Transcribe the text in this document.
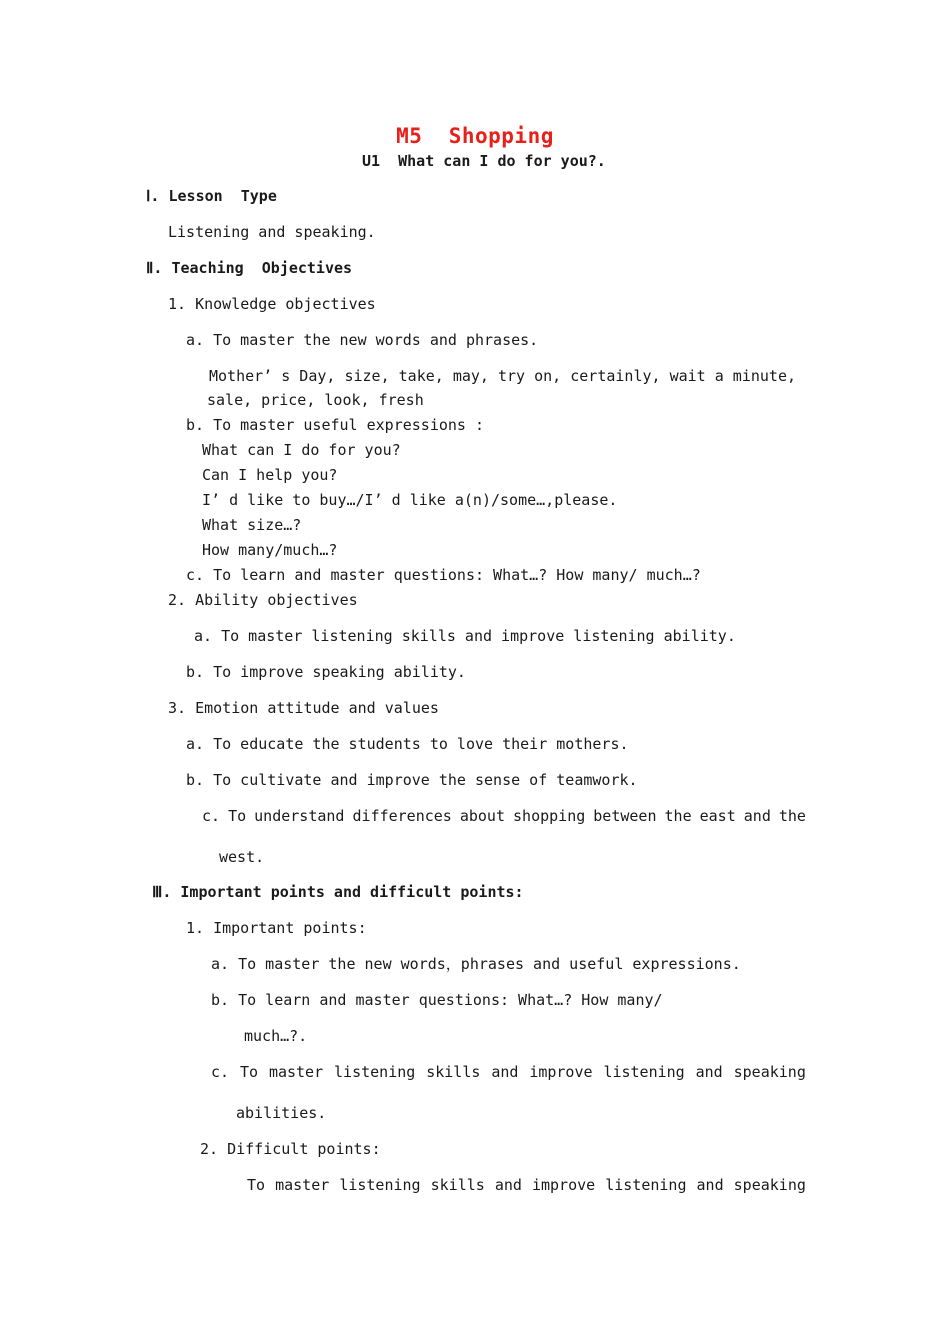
M5  Shopping
U1  What can I do for you?.
Ⅰ. Lesson  Type
Listening and speaking.
Ⅱ. Teaching  Objectives
1. Knowledge objectives
a. To master the new words and phrases.
Mother’ s Day, size, take, may, try on, certainly, wait a minute,
sale, price, look, fresh
b. To master useful expressions :
What can I do for you?
Can I help you?
I’ d like to buy…/I’ d like a(n)/some…,please.
What size…?
How many/much…?
c. To learn and master questions: What…? How many/ much…?
2. Ability objectives
a. To master listening skills and improve listening ability.
b. To improve speaking ability.
3. Emotion attitude and values
a. To educate the students to love their mothers.
b. To cultivate and improve the sense of teamwork.
c. To understand differences about shopping between the east and the
west.
Ⅲ. Important points and difficult points:
1. Important points:
a. To master the new words，phrases and useful expressions.
b. To learn and master questions: What…? How many/
much…?.
c. To master listening skills and improve listening and speaking
abilities.
2. Difficult points:
To master listening skills and improve listening and speaking
